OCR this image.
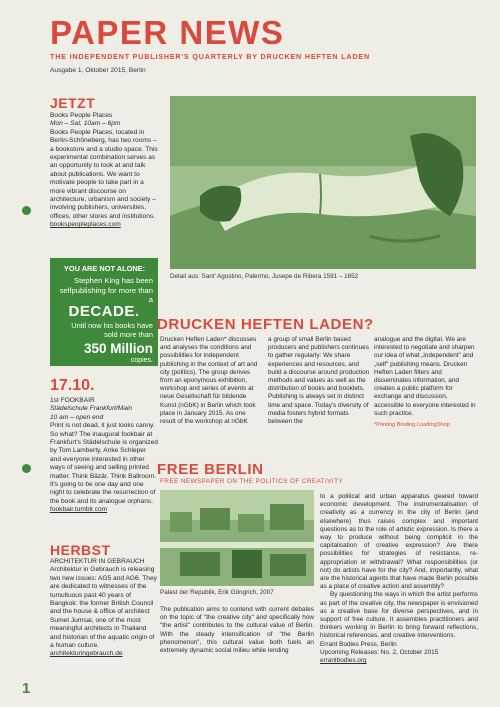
PAPER NEWS
THE INDEPENDENT PUBLISHER'S QUARTERLY BY DRUCKEN HEFTEN LADEN
Ausgabe 1, Oktober 2015, Berlin
JETZT

Books People Places

Mon – Sat, 10am – 6pm

Books People Places, located in Berlin-Schöneberg, has two rooms – a bookstore and a studio space. This experimental combination serves as an opportunity to look at and talk about publications. We want to motivate people to take part in a more vibrant discourse on architecture, urbanism and society – involving publishers, universities, offices, other stores and institutions.

bookspeopleplaces.com

YOU ARE NOT ALONE:
Stephen King has been selfpublishing for more than a
DECADE.
Until now his books have sold more than
350 Million
copies.
17.10.

1st FOOKBAIR

Städelschule Frankfurt/Main

10 am – open end

Print is not dead, it just looks canny. So what? The inaugural fookbair at Frankfurt's Städelschule is organized by Tom Lamberty, Anke Schleper and everyone interested in other ways of seeing and selling printed matter. Think Bäzär. Think Ballroom. It's going to be one day and one night to celebrate the resurrection of the book and its analogue orphans.

fookbair.tumblr.com

HERBST

ARCHITEKTUR IN GEBRAUCH

Architektur in Gebrauch is releasing two new issues: AG5 and AG6. They are dedicated to witnesses of the tumultuous past 40 years of Bangkok: the former British Council and the house & office of architect Sumet Jumsai, one of the most meaningful architects in Thailand and historian of the aquatic origin of a human culture.

architekturingebrauch.de

Detail aus: Sant' Agostino, Palermo, Jusepe de Ribera 1591 – 1652
DRUCKEN HEFTEN LADEN?
Drucken Heften Laden* discusses and analyses the conditions and possibilities for independent publishing in the context of art and city (politics). The group derives from an eponymous exhibition, workshop and series of events at neue Gesellschaft für bildende Kunst (nGbK) in Berlin which took place in January 2015. As one result of the workshop at nGbK
a group of small Berlin based producers and publishers continues to gather regularly: We share experiences and resources, and build a discourse around production methods and values as well as the distribution of books and booklets. Publishing is always set in distinct time and space. Today's diversity of media fosters hybrid formats between the
analogue and the digital. We are interested to negotiate and sharpen our idea of what „independent" and „self" publishing means. Drucken Heften Laden filters and disseminates information, and creates a public platform for exchange and discussion, accessible to everyone interested in such practice.
*Printing Binding LoadingShop
FREE BERLIN
FREE NEWSPAPER ON THE POLITICS OF CREATIVITY
Palast der Republik, Erik Göngrich, 2007
The publication aims to contend with current debates on the topic of "the creative city" and specifically how "the artist" contributes to the cultural value of Berlin. With the steady intensification of "the Berlin phenomenon", this cultural value both fuels an extremely dynamic social milieu while lending

to a political and urban apparatus geared toward economic development. The instrumentalisation of creativity as a currency in the city of Berlin (and elsewhere) thus raises complex and important questions as to the role of artistic expression. Is there a way to produce without being complicit in the capitalisation of creative expression? Are there possibilities for strategies of resistance, re-appropriation or withdrawal? What responsibilities (or not) do artists have for the city? And, importantly, what are the historical agents that have made Berlin possible as a place of creative action and assembly?

By questioning the ways in which the artist performs as part of the creative city, the newspaper is envisioned as a creative base for diverse perspectives, and in support of free culture. It assembles practitioners and thinkers working in Berlin to bring forward reflections, historical references, and creative interventions.

Errant Bodies Press, Berlin

Upcoming Releases: No. 2, October 2015

errantbodies.org

1
